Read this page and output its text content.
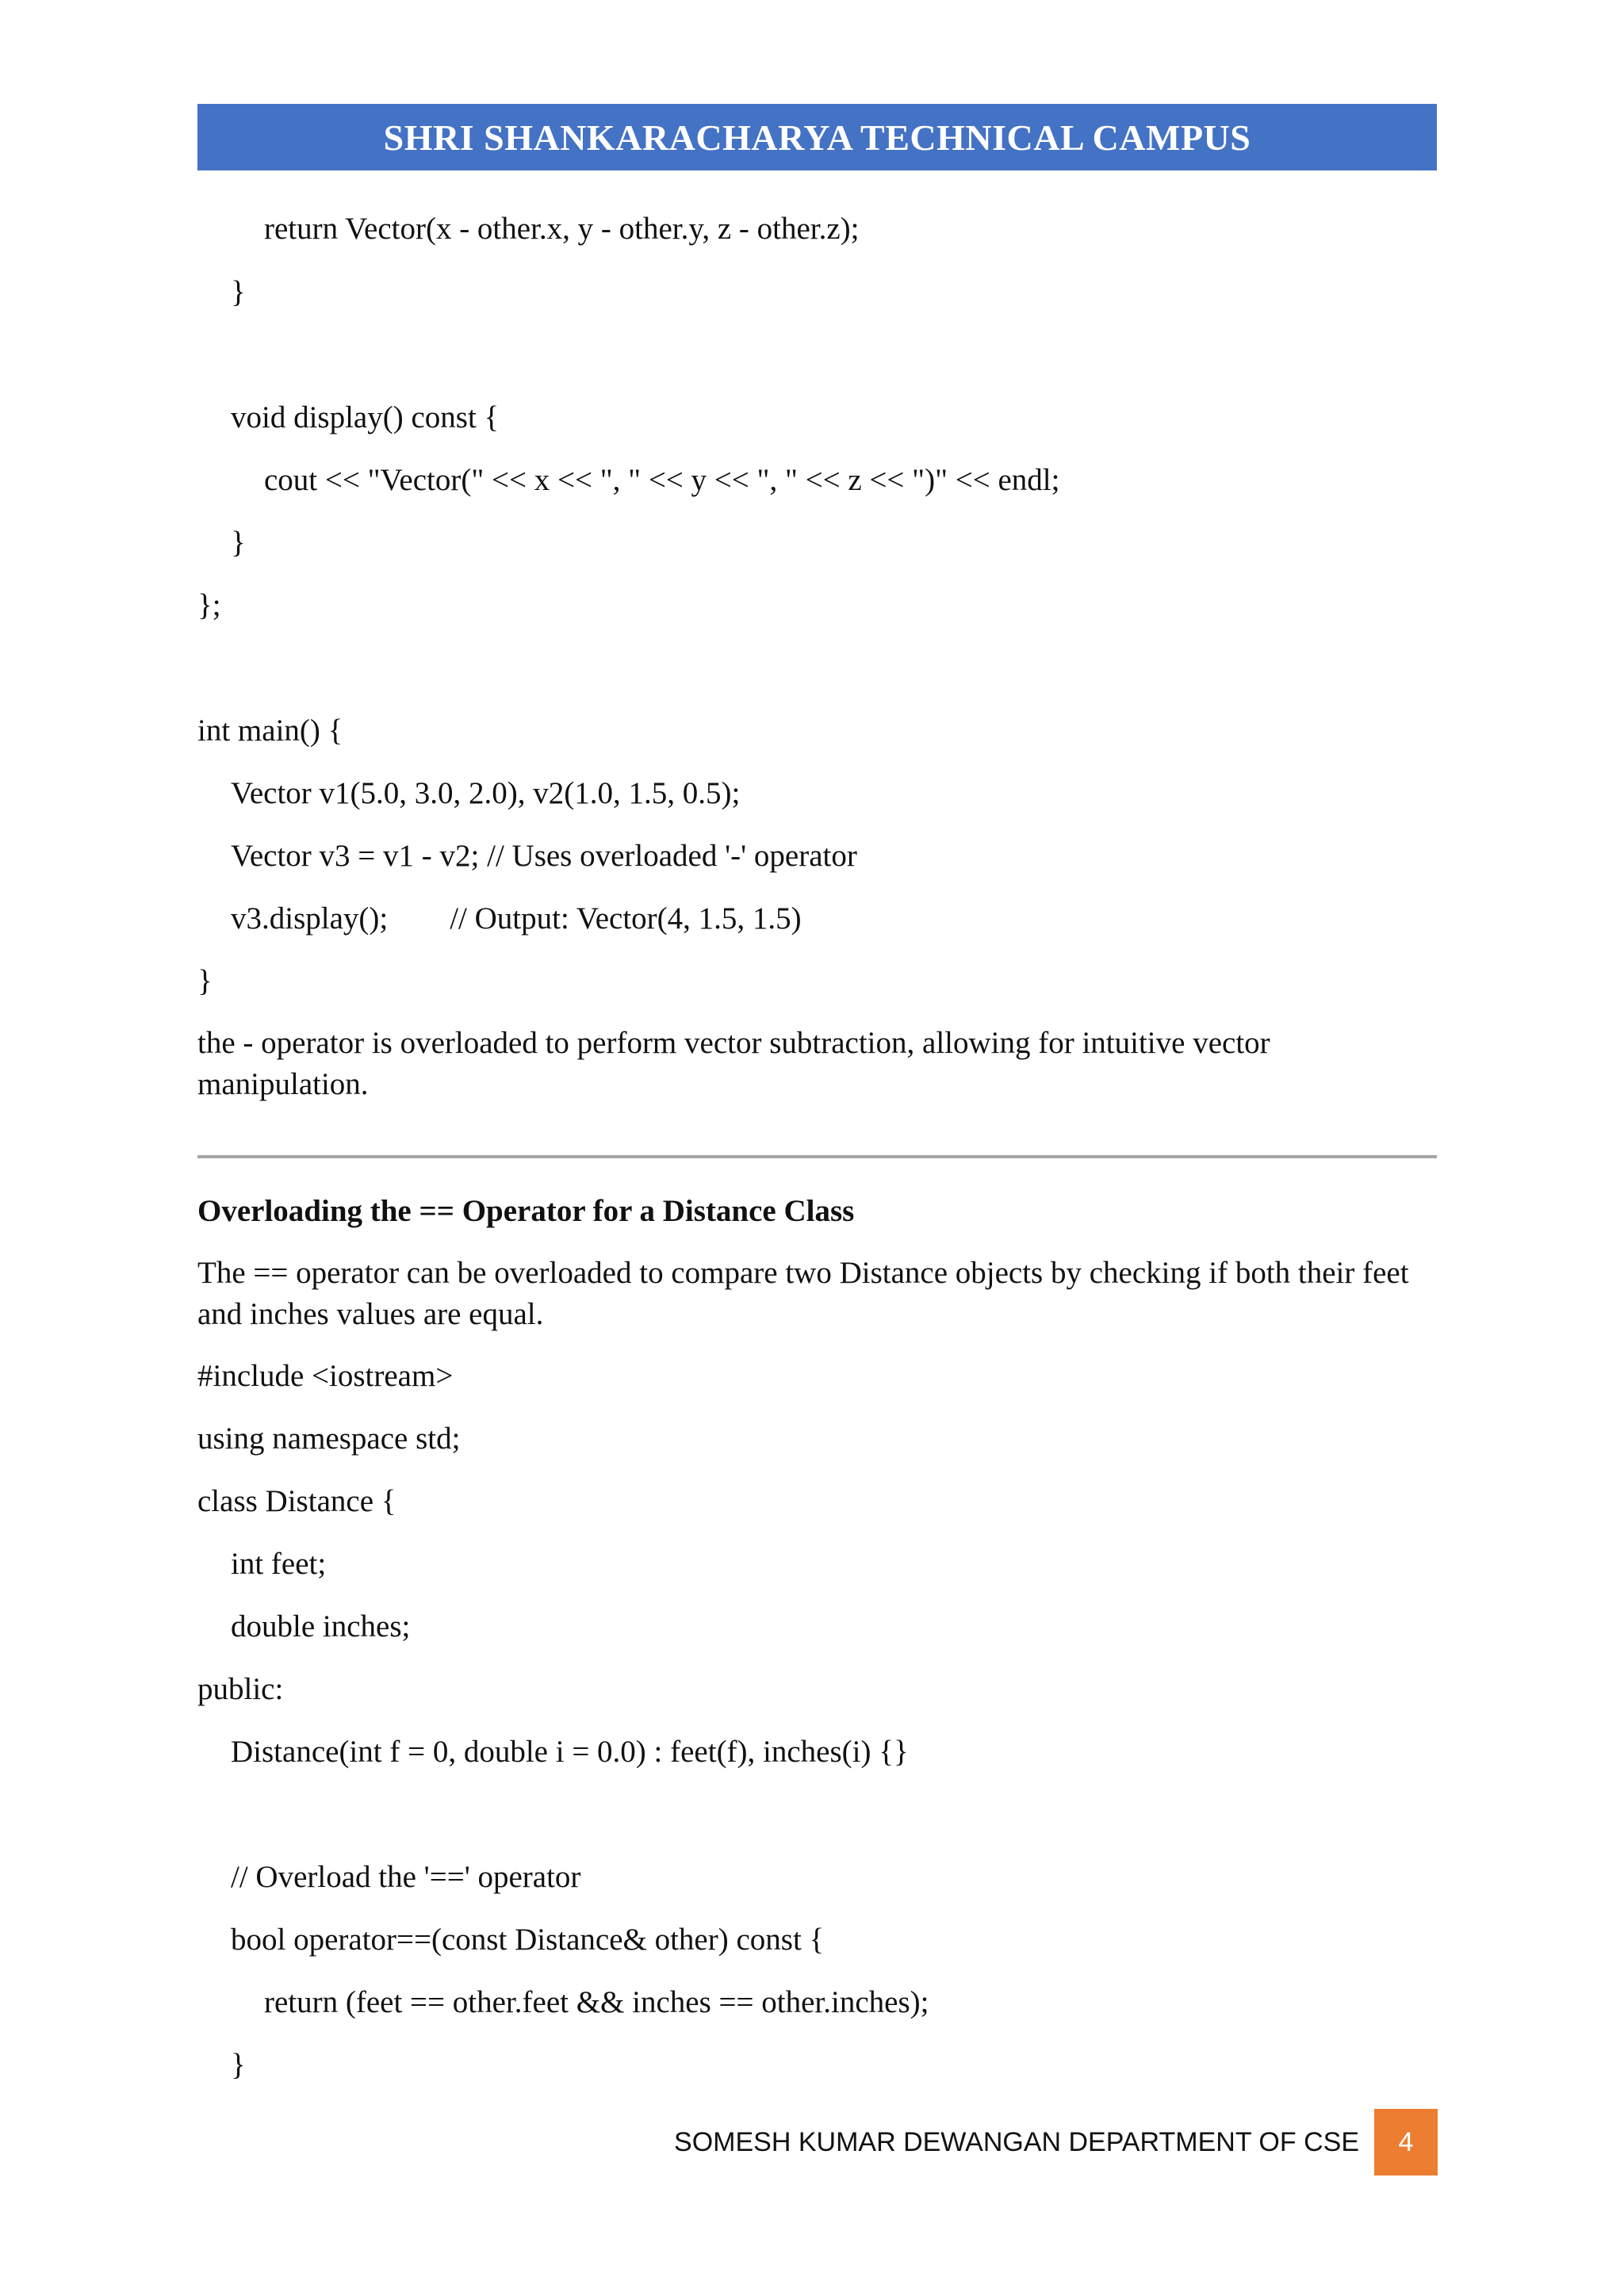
SHRI SHANKARACHARYA TECHNICAL CAMPUS
return Vector(x - other.x, y - other.y, z - other.z);
}
void display() const {
cout << "Vector(" << x << ", " << y << ", " << z << ")" << endl;
}
};
int main() {
Vector v1(5.0, 3.0, 2.0), v2(1.0, 1.5, 0.5);
Vector v3 = v1 - v2; // Uses overloaded '-' operator
v3.display();        // Output: Vector(4, 1.5, 1.5)
}
the - operator is overloaded to perform vector subtraction, allowing for intuitive vector manipulation.
Overloading the == Operator for a Distance Class
The == operator can be overloaded to compare two Distance objects by checking if both their feet and inches values are equal.
#include <iostream>
using namespace std;
class Distance {
int feet;
double inches;
public:
Distance(int f = 0, double i = 0.0) : feet(f), inches(i) {}
// Overload the '==' operator
bool operator==(const Distance& other) const {
return (feet == other.feet && inches == other.inches);
}
SOMESH KUMAR DEWANGAN DEPARTMENT OF CSE 4
